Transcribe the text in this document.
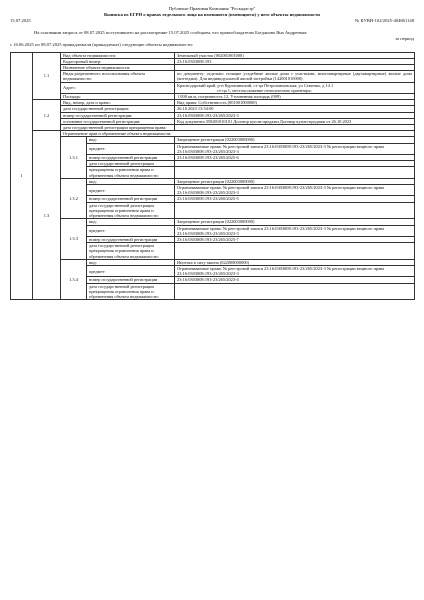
Публично-Правовая Компания "Роскадастр"

Выписка из ЕГРН о правах отдельного лица на имевшиеся (имеющиеся) у него объекты недвижимости

15.07.2025	№ КУВИ-102/2025-404861148

На основании запроса от 08.07.2025 поступившего на рассмотрение 15.07.2025 сообщаем, что правообладателю Богданова Яна Андреевна:

за период

с 16.06.2025 по 08.07.2025 принадлежали (принадлежат) следующие объекты недвижимости:

1	1.1	Вид объекта недвижимости:		Земельный участок (002001001000)
		Кадастровый номер:		23:16:0303008:193
		Назначение объекта недвижимости:		
		Виды разрешенного использования объекта недвижимости:		по документу: отдельно стоящие усадебные жилые дома с участками, многоквартирные (двухквартирные) жилые дома (коттеджи). Для индивидуальной жилой застройки (142001010000)
		Адрес:		Краснодарский край, р-н Курганинский, ст-ца Петропавловская, ул Семенко, д 14.1
ст-ца 1, местоположение относительно ориентира:

		Площадь:		1 000 кв.м, погрешность 12, Уточненная площадь (009)
	1.2	Вид, номер, дата и право:		Вид права: Собственность (001001000000)
		дата государственной регистрации:		26.10.2023 13:54:00
		номер государственной регистрации:		23:16:0303008:193-23/265/2023-3
		основание государственной регистрации:		Код документа 558401010101 Договор купли-продажи Договор купли-продажи от 26.10.2023
		дата государственной регистрации прекращения права:		
	1.3	Ограничение прав и обременение объекта недвижимости:		
		1.3.1	вид:	Запрещение регистрации (022003000000)
			предмет:	Ограничиваемые права: № реестровой записи 23:16:0303008:193-23/265/2023-3 № регистрации вещного права 23:16:0303008:193-23/265/2023-3
			номер государственной регистрации	23:16:0303008:193-23/265/2025-6
			дата государственной регистрации	
			прекращения ограничения права и обременения объекта недвижимости:	
		1.3.2	вид:	Запрещение регистрации (022003000000)
			предмет:	Ограничиваемые права: № реестровой записи 23:16:0303008:193-23/265/2023-3 № регистрации вещного права 23:16:0303008:193-23/265/2023-3
			номер государственной регистрации	23:16:0303008:193-23/260/2025-5

			дата государственной регистрации
прекращения ограничения права и обременения объекта недвижимости:	

		1.3.3	вид:	Запрещение регистрации (022003000000)
			предмет:	Ограничиваемые права: № реестровой записи 23:16:0303008:193-23/265/2023-3 № регистрации вещного права 23:16:0303008:193-23/265/2023-3
			номер государственной регистрации	23:16:0303008:193-23/265/2025-7

			дата государственной регистрации
прекращения ограничения права и обременения объекта недвижимости:	

		1.3.4	вид:	Ипотека в силу закона (022008000000)
			предмет:	Ограничиваемые права: № реестровой записи 23:16:0303008:193-23/265/2023-3 № регистрации вещного права 23:16:0303008:193-23/265/2023-3
			номер государственной регистрации	23:16:0303008:193-23/265/2023-4

			дата государственной регистрации
прекращения ограничения права и обременения объекта недвижимости:	
